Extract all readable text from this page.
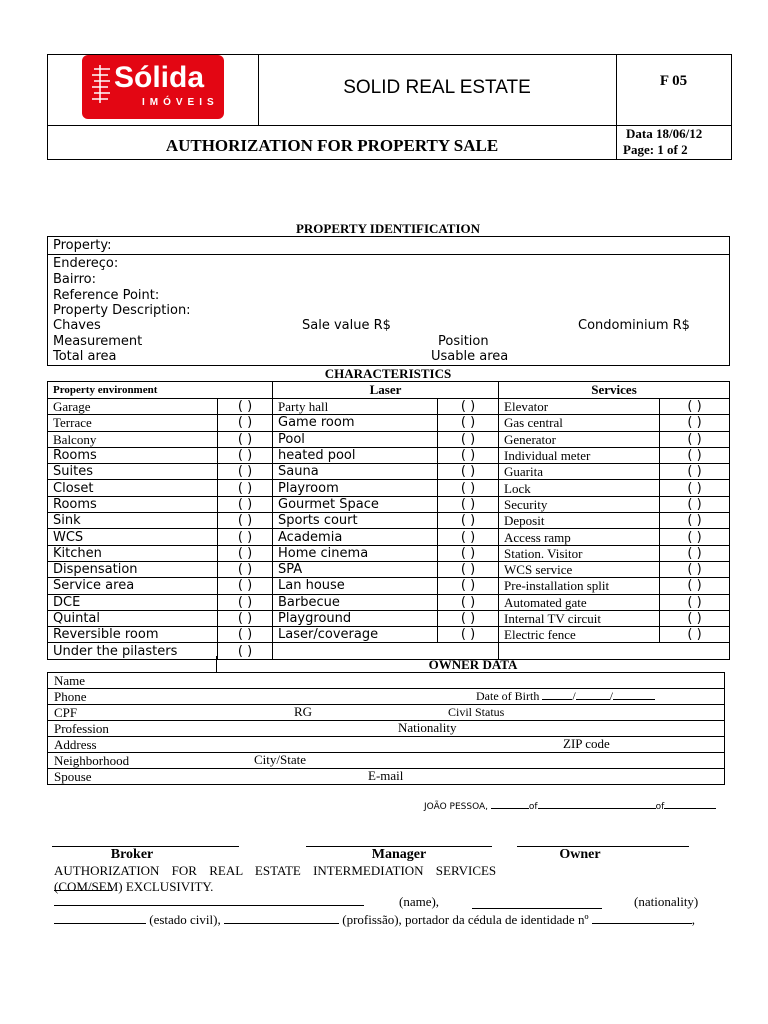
Sólida
IMÓVEIS
SOLID REAL ESTATE	F 05
AUTHORIZATION FOR PROPERTY SALE
Data 18/06/12
Page: 1 of 2
PROPERTY IDENTIFICATION
Property:
Endereço:
Bairro:
Reference Point:
Property Description:
Chaves	Sale value R$	Condominium R$
Measurement	Position
Total area	Usable area
CHARACTERISTICS
Property environment		Laser		Services	
Garage	( )	Party hall	( )	Elevator	( )
Terrace	( )	Game room	( )	Gas central	( )
Balcony	( )	Pool	( )	Generator	( )
Rooms	( )	heated pool	( )	Individual meter	( )
Suites	( )	Sauna	( )	Guarita	( )
Closet	( )	Playroom	( )	Lock	( )
Rooms	( )	Gourmet Space	( )	Security	( )
Sink	( )	Sports court	( )	Deposit	( )
WCS	( )	Academia	( )	Access ramp	( )
Kitchen	( )	Home cinema	( )	Station. Visitor	( )
Dispensation	( )	SPA	( )	WCS service	( )
Service area	( )	Lan house	( )	Pre-installation split	( )
DCE	( )	Barbecue	( )	Automated gate	( )
Quintal	( )	Playground	( )	Internal TV circuit	( )
Reversible room	( )	Laser/coverage	( )	Electric fence	( )
Under the pilasters	( )				
OWNER DATA
Name
Phone	Date of Birth	/	/

CPF	RG	Civil Status

Profession	Nationality

Address	ZIP code

Neighborhood	City/State

Spouse	E-mail
JOÃO PESSOA,	of	of
Broker	Manager	Owner
AUTHORIZATION FOR REAL ESTATE INTERMEDIATION SERVICES
(COM/SEM) EXCLUSIVITY.
(name),	(nationality)
(estado civil),	(profissão), portador da cédula de identidade nº	,
